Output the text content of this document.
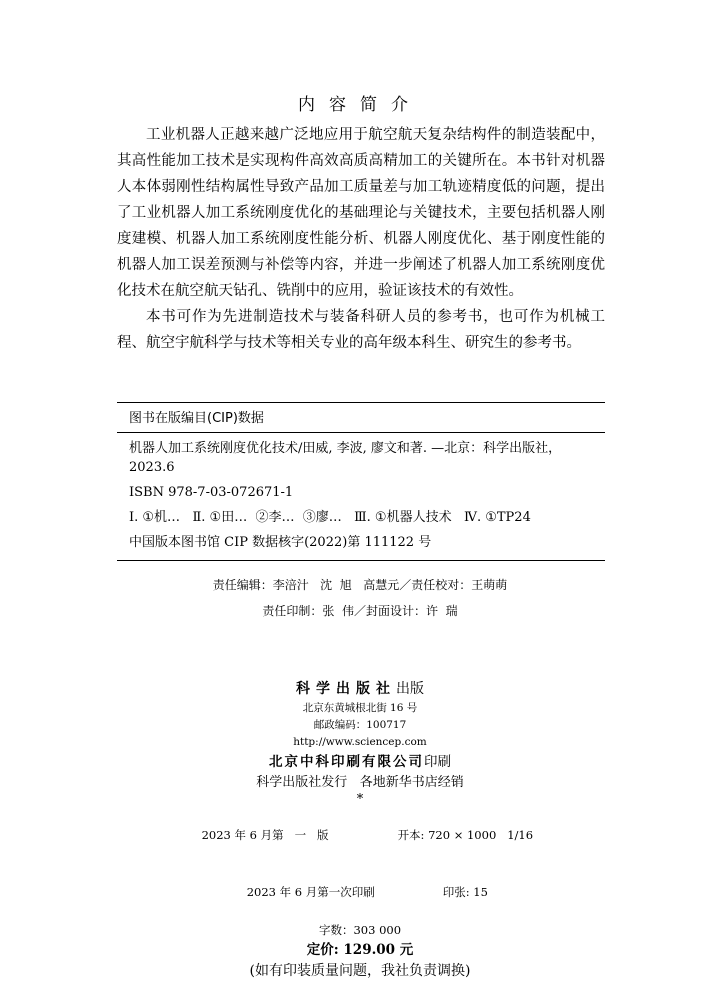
内容简介

工业机器人正越来越广泛地应用于航空航天复杂结构件的制造装配中，其高性能加工技术是实现构件高效高质高精加工的关键所在。本书针对机器人本体弱刚性结构属性导致产品加工质量差与加工轨迹精度低的问题，提出了工业机器人加工系统刚度优化的基础理论与关键技术，主要包括机器人刚度建模、机器人加工系统刚度性能分析、机器人刚度优化、基于刚度性能的机器人加工误差预测与补偿等内容，并进一步阐述了机器人加工系统刚度优化技术在航空航天钻孔、铣削中的应用，验证该技术的有效性。

本书可作为先进制造技术与装备科研人员的参考书，也可作为机械工程、航空宇航科学与技术等相关专业的高年级本科生、研究生的参考书。

图书在版编目(CIP)数据
机器人加工系统刚度优化技术/田威, 李波, 廖文和著. —北京：科学出版社，2023.6
ISBN 978-7-03-072671-1
Ⅰ. ①机…   Ⅱ. ①田…  ②李…  ③廖…   Ⅲ. ①机器人技术   Ⅳ. ①TP24
中国版本图书馆 CIP 数据核字(2022)第 111122 号
责任编辑：李涪汁   沈  旭   高慧元／责任校对：王萌萌
责任印制：张  伟／封面设计：许  瑞
科学出版社出版
北京东黄城根北街 16 号
邮政编码：100717
http://www.sciencep.com
北京中科印刷有限公司印刷
科学出版社发行   各地新华书店经销
*

2023 年 6 月第   一   版	开本: 720 × 1000   1/16

2023 年 6 月第一次印刷	印张: 15

字数：303 000
定价: 129.00 元
(如有印装质量问题，我社负责调换)
